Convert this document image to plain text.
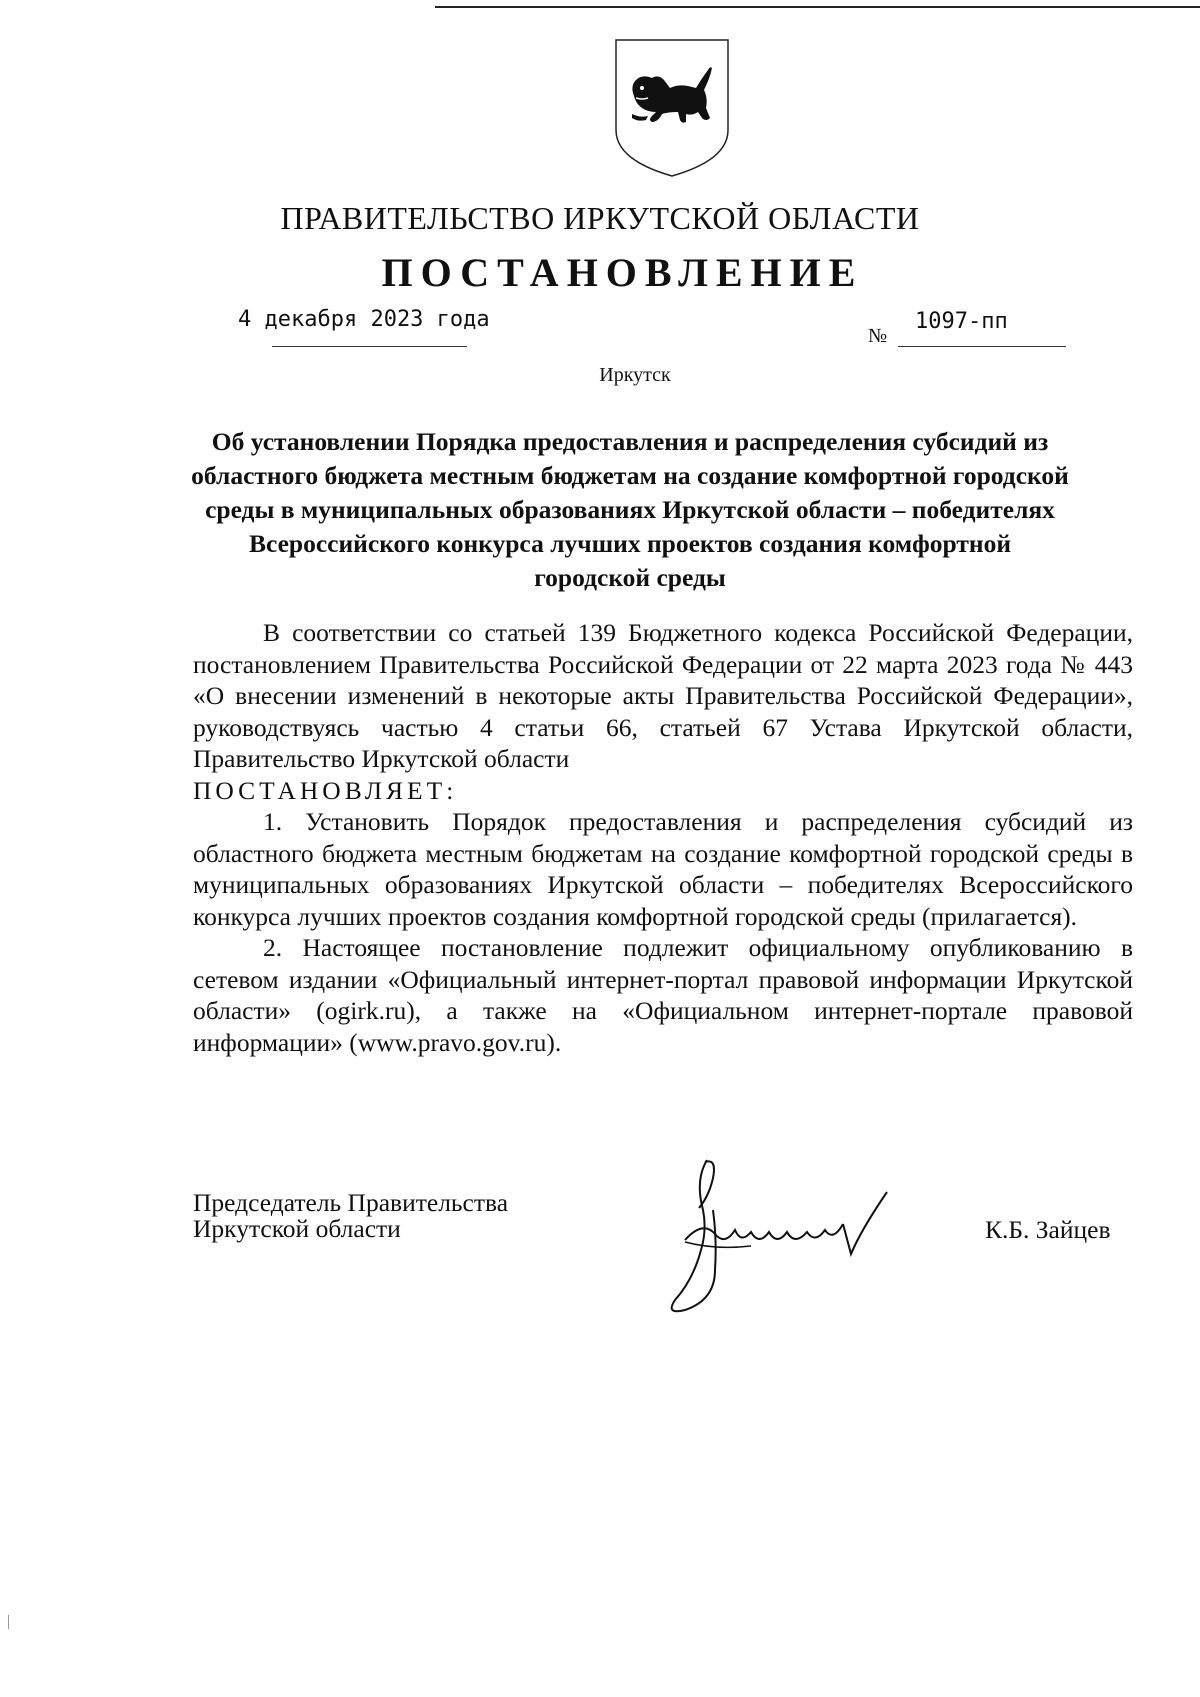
ПРАВИТЕЛЬСТВО ИРКУТСКОЙ ОБЛАСТИ
ПОСТАНОВЛЕНИЕ
4 декабря 2023 года
№
1097-пп
Иркутск
Об установлении Порядка предоставления и распределения субсидий из областного бюджета местным бюджетам на создание комфортной городской среды в муниципальных образованиях Иркутской области – победителях Всероссийского конкурса лучших проектов создания комфортной городской среды

В соответствии со статьей 139 Бюджетного кодекса Российской Федерации, постановлением Правительства Российской Федерации от 22 марта 2023 года № 443 «О внесении изменений в некоторые акты Правительства Российской Федерации», руководствуясь частью 4 статьи 66, статьей 67 Устава Иркутской области, Правительство Иркутской области

ПОСТАНОВЛЯЕТ:

1. Установить Порядок предоставления и распределения субсидий из областного бюджета местным бюджетам на создание комфортной городской среды в муниципальных образованиях Иркутской области – победителях Всероссийского конкурса лучших проектов создания комфортной городской среды (прилагается).

2. Настоящее постановление подлежит официальному опубликованию в сетевом издании «Официальный интернет-портал правовой информации Иркутской области» (ogirk.ru), а также на «Официальном интернет-портале правовой информации» (www.pravo.gov.ru).

Председатель Правительства
Иркутской области	К.Б. Зайцев
